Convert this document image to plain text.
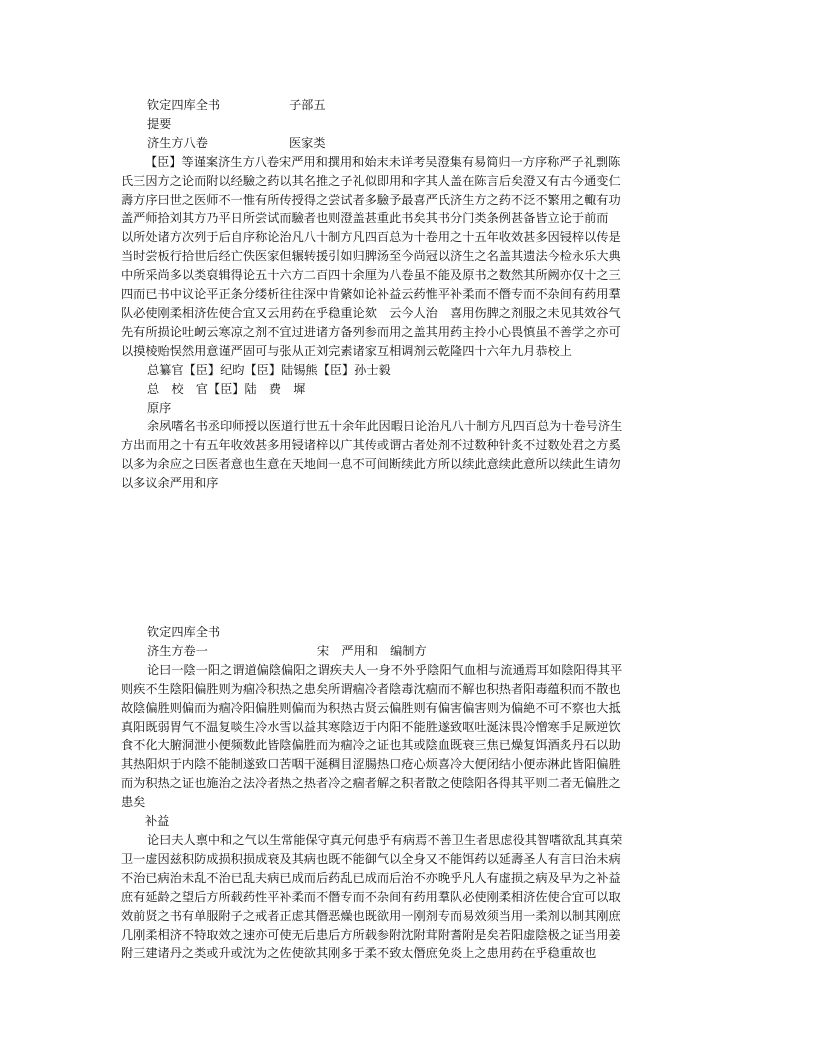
钦定四库全书	子部五
提要
济生方八卷	医家类
【臣】等谨案济生方八卷宋严用和撰用和始末未详考吴澄集有易简归一方序称严子礼剽陈
氏三因方之论而附以经驗之药以其名推之子礼似即用和字其人盖在陈言后矣澄又有古今通变仁
壽方序曰世之医师不一惟有所传授得之尝试者多驗予最喜严氏济生方之药不泛不繁用之輙有功
盖严师拾刘其方乃平日所尝试而驗者也则澄盖甚重此书矣其书分门类条例甚备皆立论于前而
以所处诸方次列于后自序称论治凡八十制方凡四百总为十卷用之十五年收效甚多因锓梓以传是
当时尝板行拾世后经亡佚医家但辗转援引如归脾汤至今尚冠以济生之名盖其遗法今检永乐大典
中所采尚多以类裒辑得论五十六方二百四十余厘为八卷虽不能及原书之数然其所阙亦仅十之三
四而已书中议论平正条分缕析往往深中肯綮如论补益云药惟平补柔而不僭专而不杂间有药用羣
队必使刚柔相济佐使合宜又云用药在乎稳重论欬　云今人治　喜用伤脾之剂服之未见其效谷气
先有所损论吐衂云寒凉之剂不宜过进诸方备列参而用之盖其用药主拎小心畏慎虽不善学之亦可
以摸棱贻悮然用意谨严固可与张从正刘完素诸家互相调剂云乾隆四十六年九月恭校上
总纂官【臣】纪昀【臣】陆锡熊【臣】孙士毅
总　校　官【臣】陆　费　墀
原序
余夙嗜名书丞印师授以医道行世五十余年此因暇日论治凡八十制方凡四百总为十卷号济生
方出而用之十有五年收效甚多用锓诸梓以广其传或谓古者处剂不过数种针炙不过数处君之方奚
以多为余应之曰医者意也生意在天地间一息不可间断续此方所以续此意续此意所以续此生请勿
以多议余严用和序
钦定四库全书
济生方卷一	宋　严用和　编制方
论曰一陰一阳之谓道偏陰偏阳之谓疾夫人一身不外乎陰阳气血相与流通焉耳如陰阳得其平
则疾不生陰阳偏胜则为痼冷积热之患矣所谓痼冷者陰毒沈痼而不解也积热者阳毒蕴积而不散也
故陰偏胜则偏而为痼冷阳偏胜则偏而为积热古贤云偏胜则有偏害偏害则为偏絶不可不察也大抵
真阳既弱胃气不温复啖生冷水雪以益其寒陰迈于内阳不能胜遂致呕吐涎沫畏冷憎寒手足厥逆饮
食不化大腑洞泄小便频数此皆陰偏胜而为痼冷之证也其或陰血既衰三焦已燥复饵酒炙丹石以助
其热阳炽于内陰不能制遂致口苦咽干涎稠目涩腸热口疮心烦喜冷大便闭结小便赤淋此皆阳偏胜
而为积热之证也施治之法冷者热之热者冷之痼者解之积者散之使陰阳各得其平则二者无偏胜之
患矣
补益
论曰夫人禀中和之气以生常能保守真元何患乎有病焉不善卫生者思虑役其智嗜欲乱其真荣
卫一虚因兹积防成损积损成衰及其病也既不能御气以全身又不能饵药以延壽圣人有言曰治未病
不治已病治未乱不治已乱夫病已成而后药乱已成而后治不亦晚乎凡人有虚损之病及早为之补益
庶有延龄之望后方所载药性平补柔而不僭专而不杂间有药用羣队必使刚柔相济佐使合宜可以取
效前贤之书有单服附子之戒者正虑其僭恶燥也既欲用一刚剂专而易效须当用一柔剂以制其刚庶
几刚柔相济不特取效之速亦可使无后患后方所载参附沈附茸附耆附是矣若阳虚陰极之证当用姜
附三建诸丹之类或升或沈为之佐使欲其刚多于柔不致太僭庶免炎上之患用药在乎稳重故也
